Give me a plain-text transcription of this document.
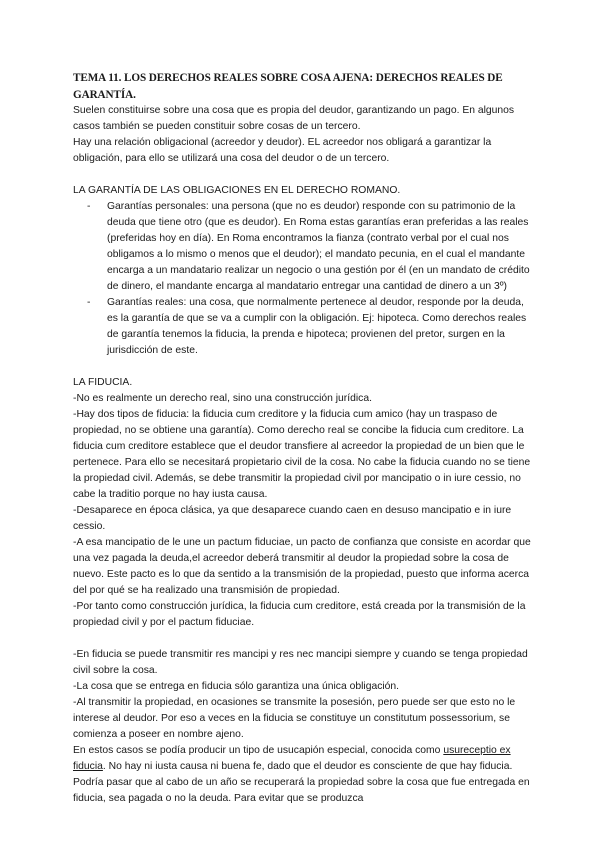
TEMA 11. LOS DERECHOS REALES SOBRE COSA AJENA: DERECHOS REALES DE GARANTÍA.

Suelen constituirse sobre una cosa que es propia del deudor, garantizando un pago. En algunos casos también se pueden constituir sobre cosas de un tercero.

Hay una relación obligacional (acreedor y deudor). EL acreedor nos obligará a garantizar la obligación, para ello se utilizará una cosa del deudor o de un tercero.

LA GARANTÍA DE LAS OBLIGACIONES EN EL DERECHO ROMANO.

- Garantías personales: una persona (que no es deudor) responde con su patrimonio de la deuda que tiene otro (que es deudor). En Roma estas garantías eran preferidas a las reales (preferidas hoy en día). En Roma encontramos la fianza (contrato verbal por el cual nos obligamos a lo mismo o menos que el deudor); el mandato pecunia, en el cual el mandante encarga a un mandatario realizar un negocio o una gestión por él (en un mandato de crédito de dinero, el mandante encarga al mandatario entregar una cantidad de dinero a un 3º)
- Garantías reales: una cosa, que normalmente pertenece al deudor, responde por la deuda, es la garantía de que se va a cumplir con la obligación. Ej: hipoteca. Como derechos reales de garantía tenemos la fiducia, la prenda e hipoteca; provienen del pretor, surgen en la jurisdicción de este.

LA FIDUCIA.

-No es realmente un derecho real, sino una construcción jurídica.

-Hay dos tipos de fiducia: la fiducia cum creditore y la fiducia cum amico (hay un traspaso de propiedad, no se obtiene una garantía). Como derecho real se concibe la fiducia cum creditore. La fiducia cum creditore establece que el deudor transfiere al acreedor la propiedad de un bien que le pertenece. Para ello se necesitará propietario civil de la cosa. No cabe la fiducia cuando no se tiene la propiedad civil. Además, se debe transmitir la propiedad civil por mancipatio o in iure cessio, no cabe la traditio porque no hay iusta causa.

-Desaparece en época clásica, ya que desaparece cuando caen en desuso mancipatio e in iure cessio.

-A esa mancipatio de le une un pactum fiduciae, un pacto de confianza que consiste en acordar que una vez pagada la deuda,el acreedor deberá transmitir al deudor la propiedad sobre la cosa de nuevo. Este pacto es lo que da sentido a la transmisión de la propiedad, puesto que informa acerca del por qué se ha realizado una transmisión de propiedad.

-Por tanto como construcción jurídica, la fiducia cum creditore, está creada por la transmisión de la propiedad civil y por el pactum fiduciae.

-En fiducia se puede transmitir res mancipi y res nec mancipi siempre y cuando se tenga propiedad civil sobre la cosa.

-La cosa que se entrega en fiducia sólo garantiza una única obligación.

-Al transmitir la propiedad, en ocasiones se transmite la posesión, pero puede ser que esto no le interese al deudor. Por eso a veces en la fiducia se constituye un constitutum possessorium, se comienza a poseer en nombre ajeno.

En estos casos se podía producir un tipo de usucapión especial, conocida como usureceptio ex fiducia. No hay ni iusta causa ni buena fe, dado que el deudor es consciente de que hay fiducia. Podría pasar que al cabo de un año se recuperará la propiedad sobre la cosa que fue entregada en fiducia, sea pagada o no la deuda. Para evitar que se produzca
